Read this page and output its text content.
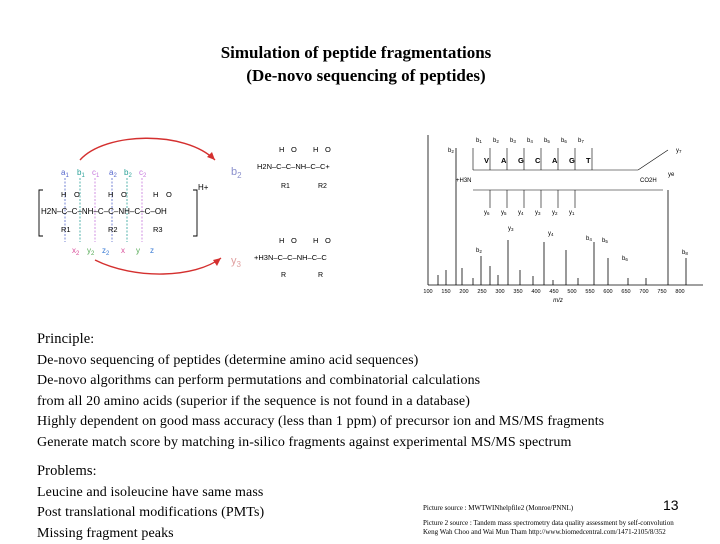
Simulation of peptide fragmentations
(De-novo sequencing of peptides)
$a_1$ $b_1$ $c_1$ $a_2$ $b_2$ $c_2$
H+
H2N–C–C–NH–C–C–NH–C–C–OH
H O	H O	H O
R1	R2	R3
$x_2$ $y_2$ $z_2$ x y z
$b_2$
H O H O
H2N–C–C–NH–C–C+
R1	R2
$y_3$
H O H O
+H3N–C–C–NH–C–C
R	R
b1 b2 b3 b4 b5 b6 b7
b2	y7
V A G C A G T
+H3N	CO2H
ye
y6 y5 y4 y3 y2 y1
b2
y3
y4
b4 b5
b6
b8
100 150 200 250 300 350 400 450 500 550 600 650 700 750 800
m/z
Principle:
De-novo sequencing of peptides (determine amino acid sequences)
De-novo algorithms can perform permutations and combinatorial calculations
from all 20 amino acids (superior if the sequence is not found in a database)
Highly dependent on good mass accuracy (less than 1 ppm) of precursor ion and MS/MS fragments
Generate match score by matching in-silico fragments against experimental MS/MS spectrum
Problems:
Leucine and isoleucine have same mass
Post translational modifications (PMTs)
Missing fragment peaks
13
Picture source : MWTWINhelpfile2 (Monroe/PNNL)
Picture 2 source : Tandem mass spectrometry data quality assessment by self-convolution
Keng Wah Choo and Wai Mun Tham http://www.biomedcentral.com/1471-2105/8/352
